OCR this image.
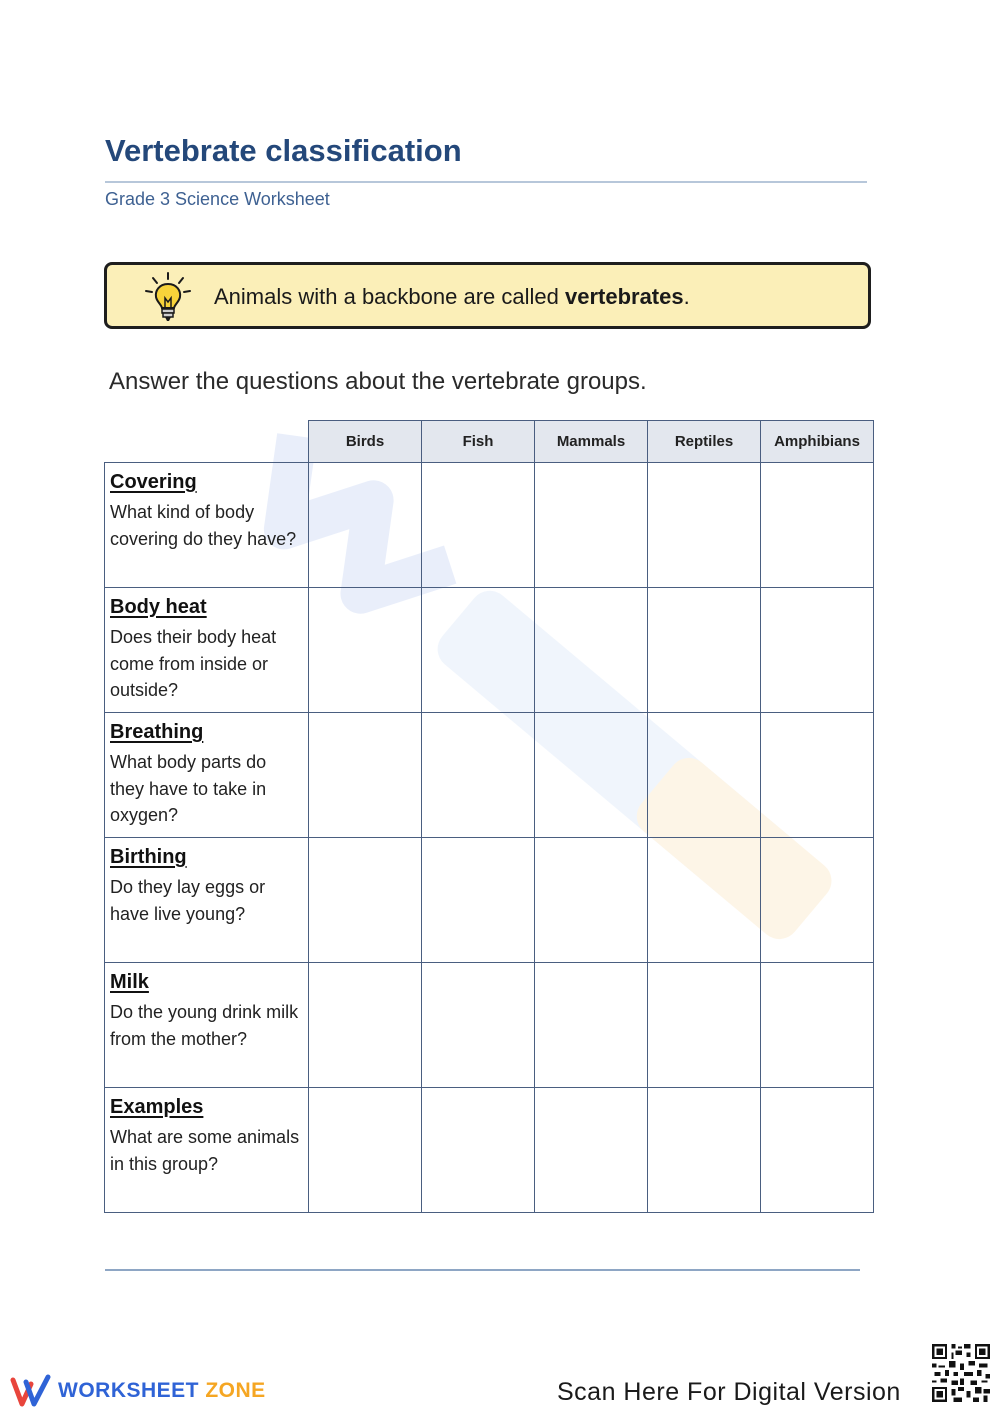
Vertebrate classification
Grade 3 Science Worksheet
Animals with a backbone are called vertebrates.
Answer the questions about the vertebrate groups.
	Birds	Fish	Mammals	Reptiles	Amphibians

Covering
What kind of body covering do they have?					

Body heat
Does their body heat come from inside or outside?					

Breathing
What body parts do they have to take in oxygen?					

Birthing
Do they lay eggs or have live young?					

Milk
Do the young drink milk from the mother?					

Examples
What are some animals in this group?					

WORKSHEET ZONE	Scan Here For Digital Version
